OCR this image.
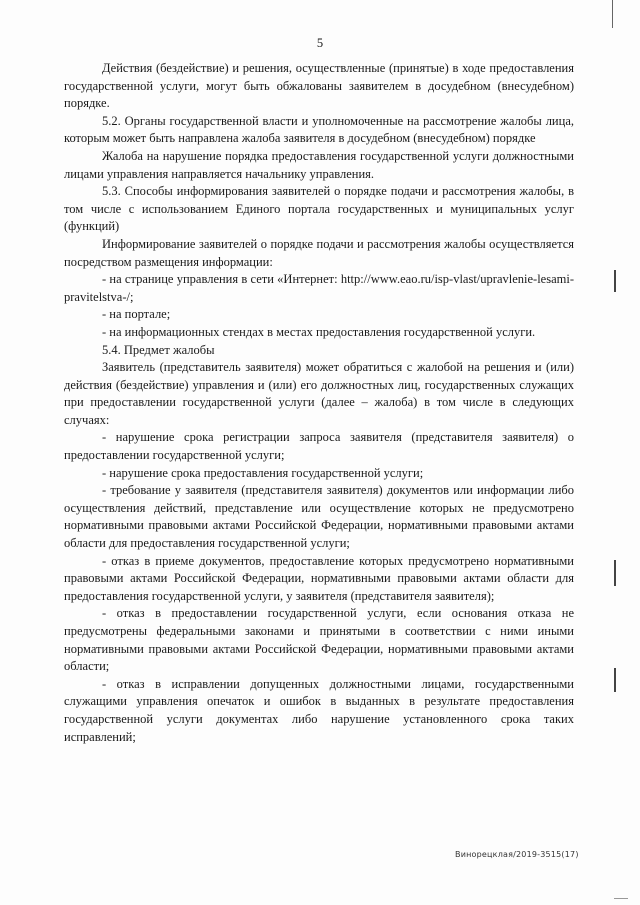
5

Действия (бездействие) и решения, осуществленные (принятые) в ходе предоставления государственной услуги, могут быть обжалованы заявителем в досудебном (внесудебном) порядке.

5.2. Органы государственной власти и уполномоченные на рассмотрение жалобы лица, которым может быть направлена жалоба заявителя в досудебном (внесудебном) порядке

Жалоба на нарушение порядка предоставления государственной услуги должностными лицами управления направляется начальнику управления.

5.3. Способы информирования заявителей о порядке подачи и рассмотрения жалобы, в том числе с использованием Единого портала государственных и муниципальных услуг (функций)

Информирование заявителей о порядке подачи и рассмотрения жалобы осуществляется посредством размещения информации:

- на странице управления в сети «Интернет: http://www.eao.ru/isp-vlast/upravlenie-lesami-pravitelstva-/;

- на портале;

- на информационных стендах в местах предоставления государственной услуги.

5.4. Предмет жалобы

Заявитель (представитель заявителя) может обратиться с жалобой на решения и (или) действия (бездействие) управления и (или) его должностных лиц, государственных служащих при предоставлении государственной услуги (далее – жалоба) в том числе в следующих случаях:

- нарушение срока регистрации запроса заявителя (представителя заявителя) о предоставлении государственной услуги;

- нарушение срока предоставления государственной услуги;

- требование у заявителя (представителя заявителя) документов или информации либо осуществления действий, представление или осуществление которых не предусмотрено нормативными правовыми актами Российской Федерации, нормативными правовыми актами области для предоставления государственной услуги;

- отказ в приеме документов, предоставление которых предусмотрено нормативными правовыми актами Российской Федерации, нормативными правовыми актами области для предоставления государственной услуги, у заявителя (представителя заявителя);

- отказ в предоставлении государственной услуги, если основания отказа не предусмотрены федеральными законами и принятыми в соответствии с ними иными нормативными правовыми актами Российской Федерации, нормативными правовыми актами области;

- отказ в исправлении допущенных должностными лицами, государственными служащими управления опечаток и ошибок в выданных в результате предоставления государственной услуги документах либо нарушение установленного срока таких исправлений;

Винорецклая/2019-3515(17)
